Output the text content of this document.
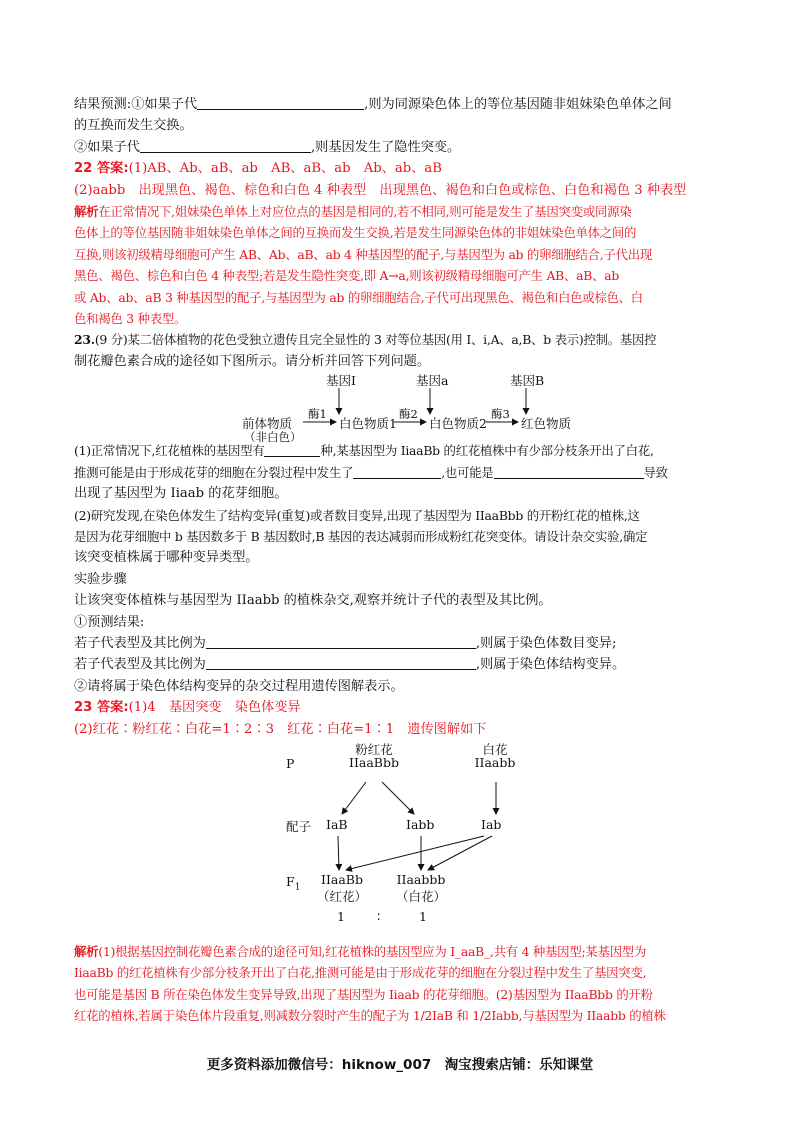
结果预测:①如果子代	,则为同源染色体上的等位基因随非姐妹染色单体之间

的互换而发生交换。

②如果子代	,则基因发生了隐性突变。

22 答案:(1)AB、Ab、aB、ab　AB、aB、ab　Ab、ab、aB

(2)aabb　出现黑色、褐色、棕色和白色 4 种表型　出现黑色、褐色和白色或棕色、白色和褐色 3 种表型

解析在正常情况下,姐妹染色单体上对应位点的基因是相同的,若不相同,则可能是发生了基因突变或同源染

色体上的等位基因随非姐妹染色单体之间的互换而发生交换,若是发生同源染色体的非姐妹染色单体之间的

互换,则该初级精母细胞可产生 AB、Ab、aB、ab 4 种基因型的配子,与基因型为 ab 的卵细胞结合,子代出现

黑色、褐色、棕色和白色 4 种表型;若是发生隐性突变,即 A→a,则该初级精母细胞可产生 AB、aB、ab

或 Ab、ab、aB 3 种基因型的配子,与基因型为 ab 的卵细胞结合,子代可出现黑色、褐色和白色或棕色、白

色和褐色 3 种表型。

23.(9 分)某二倍体植物的花色受独立遗传且完全显性的 3 对等位基因(用 I、i,A、a,B、b 表示)控制。基因控

制花瓣色素合成的途径如下图所示。请分析并回答下列问题。

基因I	基因a	基因B
前体物质
（非白色）
酶1
白色物质1
酶2
白色物质2
酶3
红色物质

(1)正常情况下,红花植株的基因型有	种,某基因型为 IiaaBb 的红花植株中有少部分枝条开出了白花,

推测可能是由于形成花芽的细胞在分裂过程中发生了	,也可能是	导致

出现了基因型为 Iiaab 的花芽细胞。

(2)研究发现,在染色体发生了结构变异(重复)或者数目变异,出现了基因型为 IIaaBbb 的开粉红花的植株,这

是因为花芽细胞中 b 基因数多于 B 基因数时,B 基因的表达减弱而形成粉红花突变体。请设计杂交实验,确定

该突变植株属于哪种变异类型。

实验步骤

让该突变体植株与基因型为 IIaabb 的植株杂交,观察并统计子代的表型及其比例。

①预测结果:

若子代表型及其比例为	,则属于染色体数目变异;

若子代表型及其比例为	,则属于染色体结构变异。

②请将属于染色体结构变异的杂交过程用遗传图解表示。

23 答案:(1)4　基因突变　染色体变异

(2)红花∶粉红花∶白花=1∶2∶3　红花∶白花=1∶1　遗传图解如下

P
粉红花
IIaaBbb
白花
IIaabb
配子 IaB	Iabb	Iab
$F_1$
IIaaBb
（红花）
IIaabbb
（白花）
1	∶	1

解析(1)根据基因控制花瓣色素合成的途径可知,红花植株的基因型应为 I_aaB_,共有 4 种基因型;某基因型为

IiaaBb 的红花植株有少部分枝条开出了白花,推测可能是由于形成花芽的细胞在分裂过程中发生了基因突变,

也可能是基因 B 所在染色体发生变异导致,出现了基因型为 Iiaab 的花芽细胞。(2)基因型为 IIaaBbb 的开粉

红花的植株,若属于染色体片段重复,则减数分裂时产生的配子为 1/2IaB 和 1/2Iabb,与基因型为 IIaabb 的植株

更多资料添加微信号：hiknow_007　淘宝搜索店铺：乐知课堂
